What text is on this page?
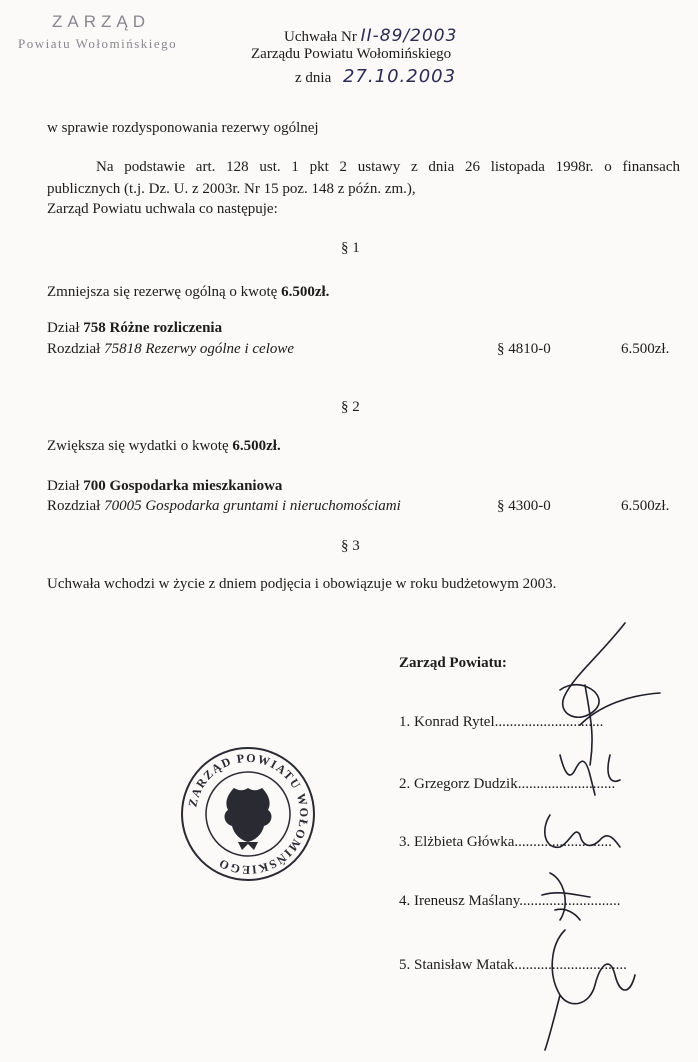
ZARZĄD
Powiatu Wołomińskiego	Uchwała Nr II-89/2003
Zarządu Powiatu Wołomińskiego
z dnia 27.10.2003
w sprawie rozdysponowania rezerwy ogólnej
Na podstawie art. 128 ust. 1 pkt 2 ustawy z dnia 26 listopada 1998r. o finansach
publicznych (t.j. Dz. U. z 2003r. Nr 15 poz. 148 z późn. zm.),
Zarząd Powiatu uchwala co następuje:
§ 1
Zmniejsza się rezerwę ogólną o kwotę 6.500zł.
Dział 758 Różne rozliczenia
Rozdział 75818 Rezerwy ogólne i celowe	§ 4810-0	6.500zł.
§ 2
Zwiększa się wydatki o kwotę 6.500zł.
Dział 700 Gospodarka mieszkaniowa
Rozdział 70005 Gospodarka gruntami i nieruchomościami	§ 4300-0	6.500zł.
§ 3
Uchwała wchodzi w życie z dniem podjęcia i obowiązuje w roku budżetowym 2003.
Zarząd Powiatu:
1. Konrad Rytel.............................
2. Grzegorz Dudzik..........................
3. Elżbieta Główka..........................
4. Ireneusz Maślany...........................
5. Stanisław Matak..............................
ZARZĄD POWIATU WOŁOMIŃSKIEGO
